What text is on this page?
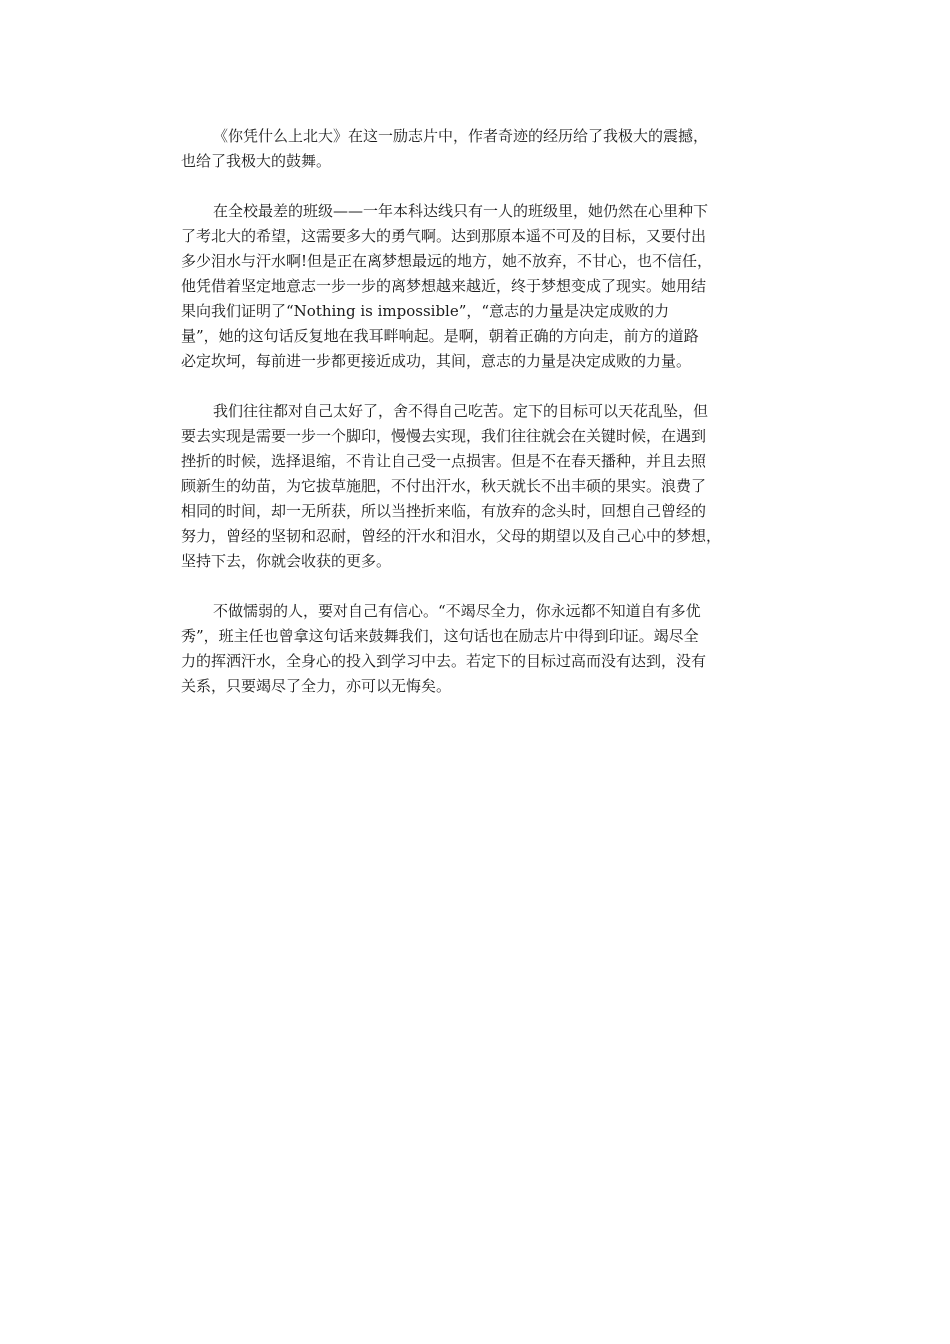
《你凭什么上北大》在这一励志片中，作者奇迹的经历给了我极大的震撼，
也给了我极大的鼓舞。

在全校最差的班级——一年本科达线只有一人的班级里，她仍然在心里种下
了考北大的希望，这需要多大的勇气啊。达到那原本遥不可及的目标，又要付出
多少泪水与汗水啊!但是正在离梦想最远的地方，她不放弃，不甘心，也不信任，
他凭借着坚定地意志一步一步的离梦想越来越近，终于梦想变成了现实。她用结
果向我们证明了“Nothing is impossible”，“意志的力量是决定成败的力
量”，她的这句话反复地在我耳畔响起。是啊，朝着正确的方向走，前方的道路
必定坎坷，每前进一步都更接近成功，其间，意志的力量是决定成败的力量。

我们往往都对自己太好了，舍不得自己吃苦。定下的目标可以天花乱坠，但
要去实现是需要一步一个脚印，慢慢去实现，我们往往就会在关键时候，在遇到
挫折的时候，选择退缩，不肯让自己受一点损害。但是不在春天播种，并且去照
顾新生的幼苗，为它拔草施肥，不付出汗水，秋天就长不出丰硕的果实。浪费了
相同的时间，却一无所获，所以当挫折来临，有放弃的念头时，回想自己曾经的
努力，曾经的坚韧和忍耐，曾经的汗水和泪水，父母的期望以及自己心中的梦想，
坚持下去，你就会收获的更多。

不做懦弱的人，要对自己有信心。“不竭尽全力，你永远都不知道自有多优
秀”，班主任也曾拿这句话来鼓舞我们，这句话也在励志片中得到印证。竭尽全
力的挥洒汗水，全身心的投入到学习中去。若定下的目标过高而没有达到，没有
关系，只要竭尽了全力，亦可以无悔矣。
